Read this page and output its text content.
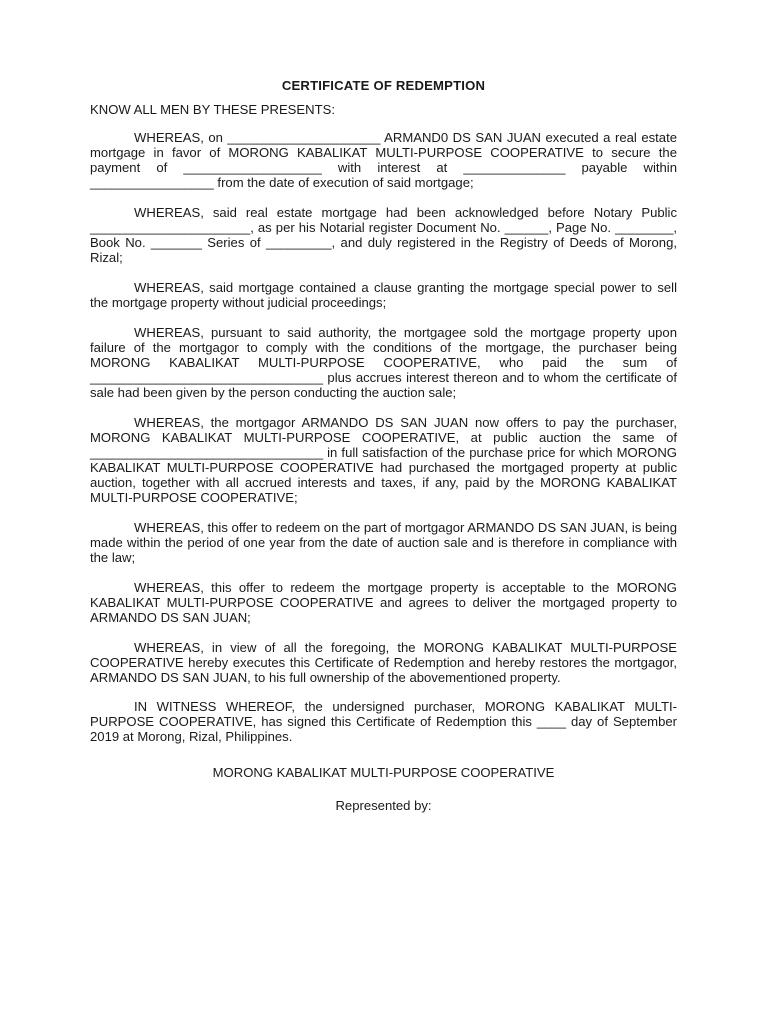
CERTIFICATE OF REDEMPTION
KNOW ALL MEN BY THESE PRESENTS:

WHEREAS, on _____________________ ARMAND0 DS SAN JUAN executed a real estate mortgage in favor of MORONG KABALIKAT MULTI-PURPOSE COOPERATIVE to secure the payment of ___________________ with interest at ______________ payable within _________________ from the date of execution of said mortgage;

WHEREAS, said real estate mortgage had been acknowledged before Notary Public ______________________, as per his Notarial register Document No. ______, Page No. ________, Book No. _______ Series of _________, and duly registered in the Registry of Deeds of Morong, Rizal;

WHEREAS, said mortgage contained a clause granting the mortgage special power to sell the mortgage property without judicial proceedings;

WHEREAS, pursuant to said authority, the mortgagee sold the mortgage property upon failure of the mortgagor to comply with the conditions of the mortgage, the purchaser being MORONG KABALIKAT MULTI-PURPOSE COOPERATIVE, who paid the sum of ________________________________ plus accrues interest thereon and to whom the certificate of sale had been given by the person conducting the auction sale;

WHEREAS, the mortgagor ARMANDO DS SAN JUAN now offers to pay the purchaser, MORONG KABALIKAT MULTI-PURPOSE COOPERATIVE, at public auction the same of ________________________________ in full satisfaction of the purchase price for which MORONG KABALIKAT MULTI-PURPOSE COOPERATIVE had purchased the mortgaged property at public auction, together with all accrued interests and taxes, if any, paid by the MORONG KABALIKAT MULTI-PURPOSE COOPERATIVE;

WHEREAS, this offer to redeem on the part of mortgagor ARMANDO DS SAN JUAN, is being made within the period of one year from the date of auction sale and is therefore in compliance with the law;

WHEREAS, this offer to redeem the mortgage property is acceptable to the MORONG KABALIKAT MULTI-PURPOSE COOPERATIVE and agrees to deliver the mortgaged property to ARMANDO DS SAN JUAN;

WHEREAS, in view of all the foregoing, the MORONG KABALIKAT MULTI-PURPOSE COOPERATIVE hereby executes this Certificate of Redemption and hereby restores the mortgagor, ARMANDO DS SAN JUAN, to his full ownership of the abovementioned property.

IN WITNESS WHEREOF, the undersigned purchaser, MORONG KABALIKAT MULTI-PURPOSE COOPERATIVE, has signed this Certificate of Redemption this ____ day of September 2019 at Morong, Rizal, Philippines.

MORONG KABALIKAT MULTI-PURPOSE COOPERATIVE

Represented by:
